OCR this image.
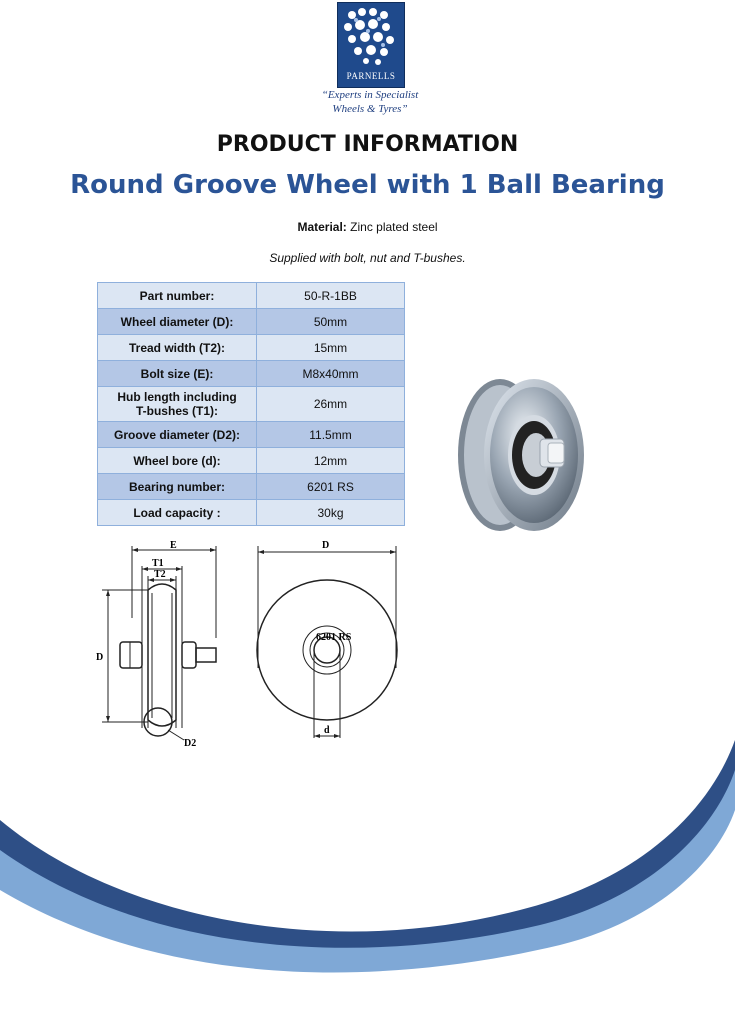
PARNELLS
“Experts in Specialist
Wheels & Tyres”
PRODUCT INFORMATION
Round Groove Wheel with 1 Ball Bearing
Material: Zinc plated steel
Supplied with bolt, nut and T-bushes.
Part number:	50-R-1BB
Wheel diameter (D):	50mm
Tread width (T2):	15mm
Bolt size (E):	M8x40mm

Hub length including
T-bushes (T1):	26mm
Groove diameter (D2):	11.5mm
Wheel bore (d):	12mm
Bearing number:	6201 RS
Load capacity :	30kg
E
T1
T2
D
D2
D
d
6201 RS
